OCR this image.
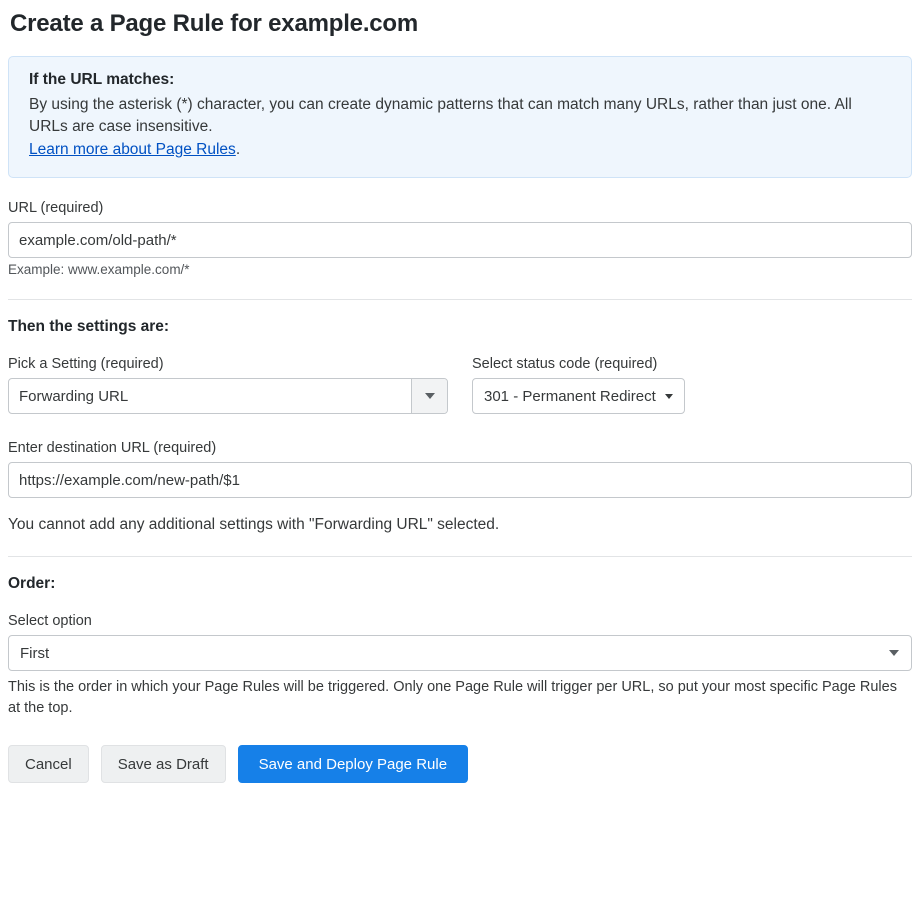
Create a Page Rule for example.com
If the URL matches:
By using the asterisk (*) character, you can create dynamic patterns that can match many URLs, rather than just one. All URLs are case insensitive.
Learn more about Page Rules.
URL (required)
example.com/old-path/*
Example: www.example.com/*
Then the settings are:
Pick a Setting (required)
Forwarding URL
Select status code (required)
301 - Permanent Redirect
Enter destination URL (required)
https://example.com/new-path/$1
You cannot add any additional settings with "Forwarding URL" selected.
Order:
Select option
First
This is the order in which your Page Rules will be triggered. Only one Page Rule will trigger per URL, so put your most specific Page Rules at the top.
Cancel	Save as Draft	Save and Deploy Page Rule
